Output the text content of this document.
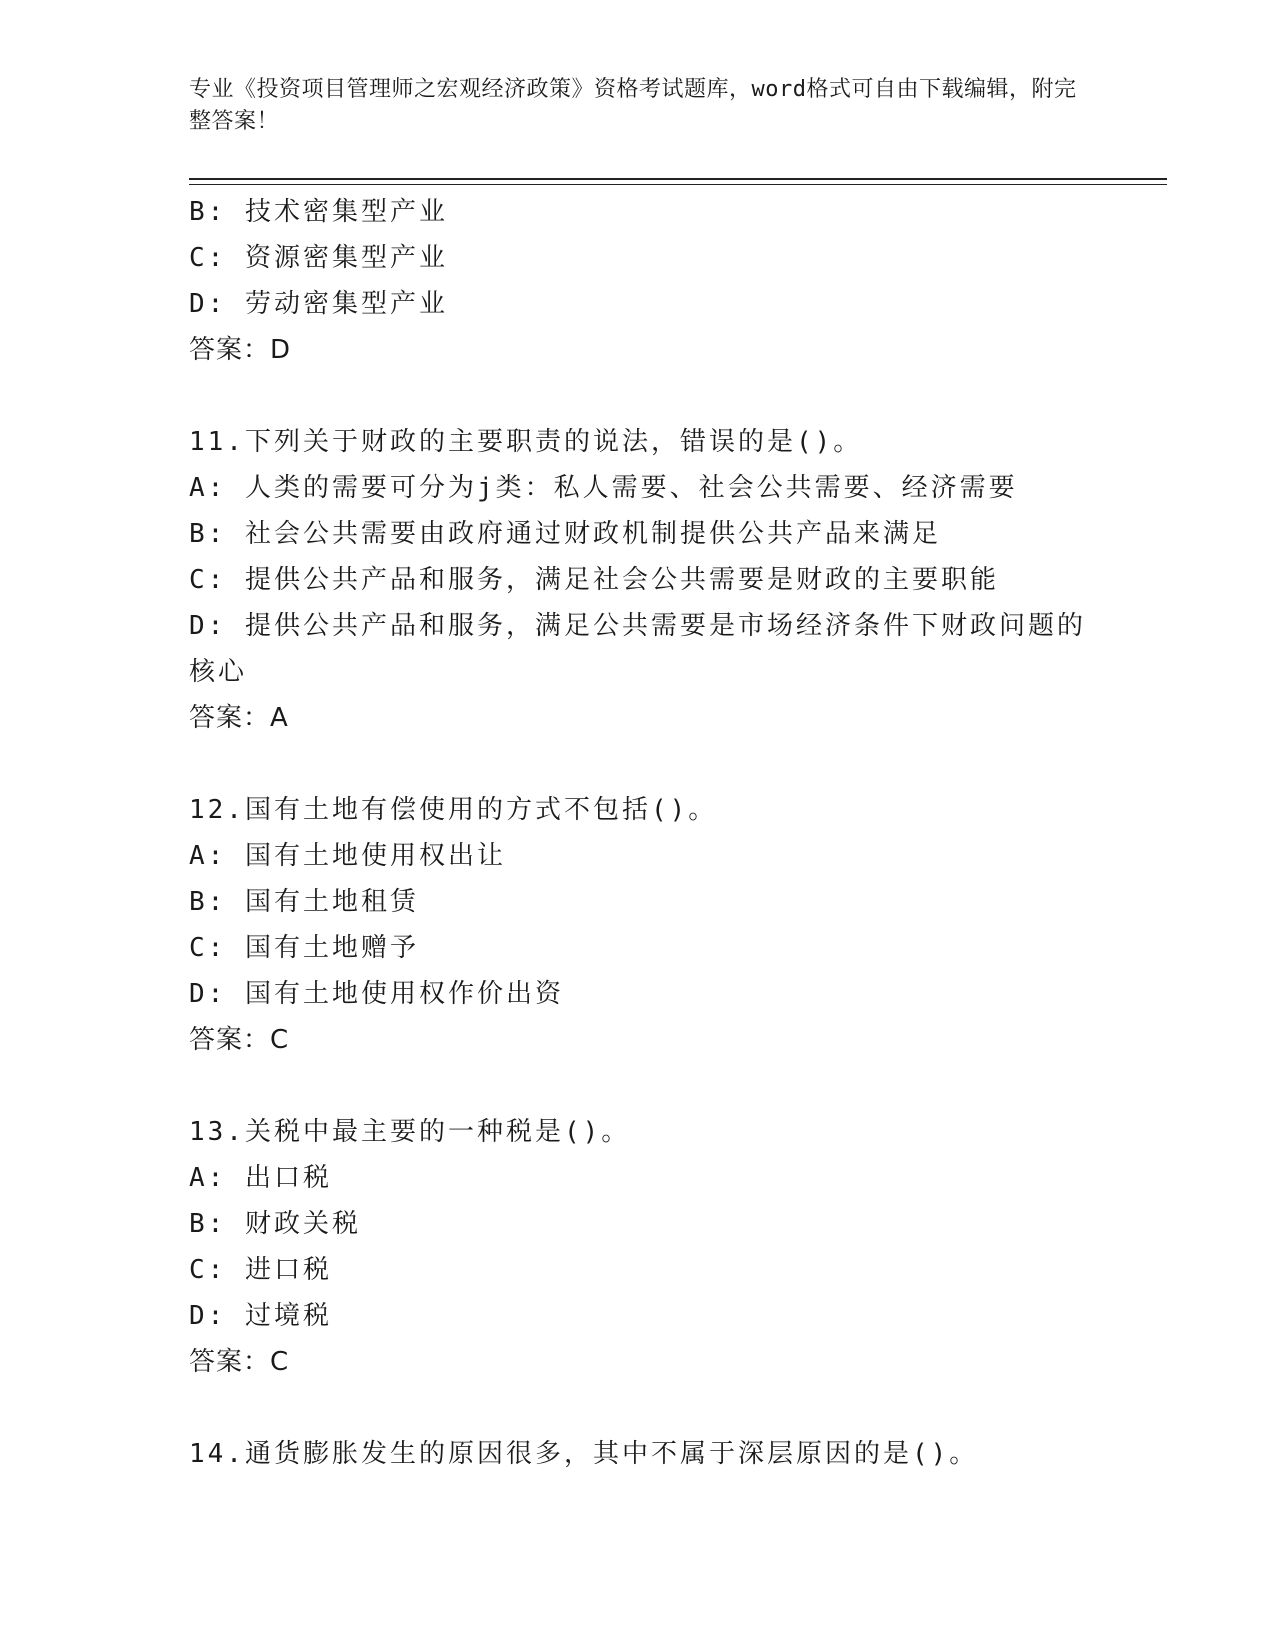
专业《投资项目管理师之宏观经济政策》资格考试题库，word格式可自由下载编辑，附完整答案！
B: 技术密集型产业
C: 资源密集型产业
D: 劳动密集型产业
答案：D
11.下列关于财政的主要职责的说法，错误的是()。
A: 人类的需要可分为j类：私人需要、社会公共需要、经济需要
B: 社会公共需要由政府通过财政机制提供公共产品来满足
C: 提供公共产品和服务，满足社会公共需要是财政的主要职能
D: 提供公共产品和服务，满足公共需要是市场经济条件下财政问题的核心
答案：A
12.国有土地有偿使用的方式不包括()。
A: 国有土地使用权出让
B: 国有土地租赁
C: 国有土地赠予
D: 国有土地使用权作价出资
答案：C
13.关税中最主要的一种税是()。
A: 出口税
B: 财政关税
C: 进口税
D: 过境税
答案：C
14.通货膨胀发生的原因很多，其中不属于深层原因的是()。
